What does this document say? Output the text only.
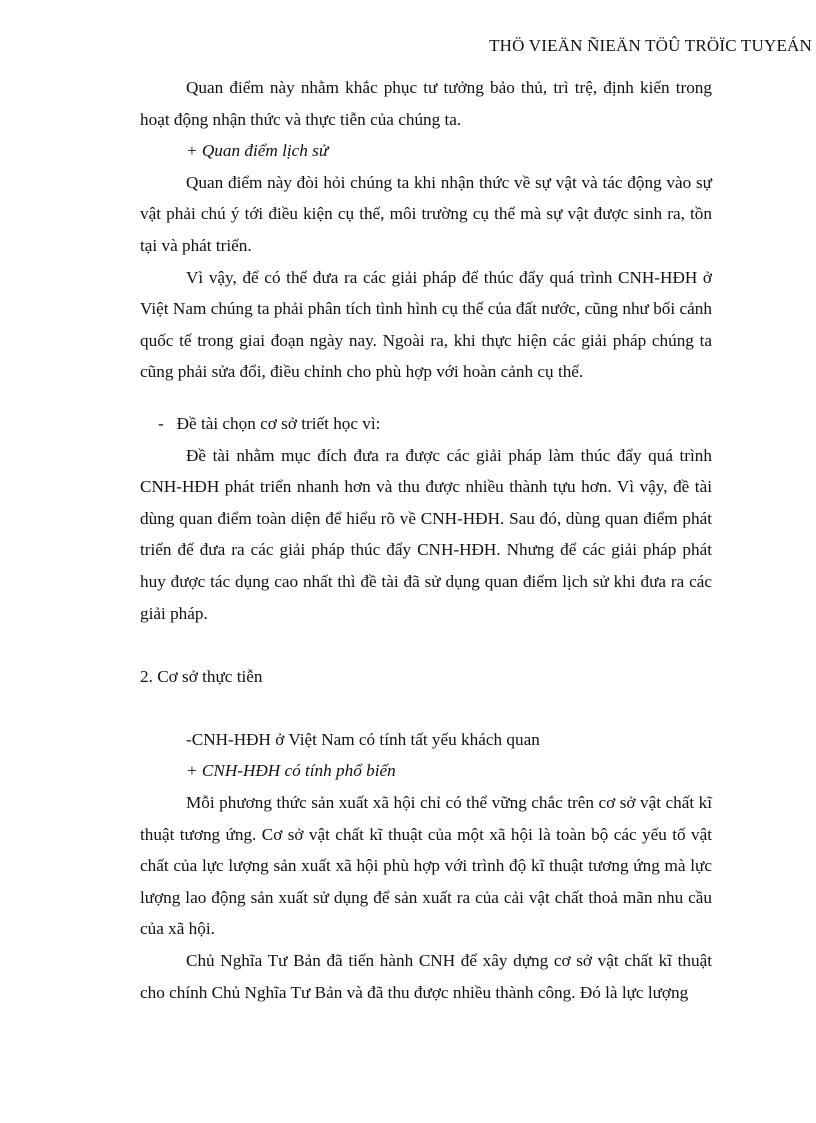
THÖ VIEÄN ÑIEÄN TÖÛ TRÖÏC TUYEÁN

Quan điểm này nhằm khắc phục tư tưởng bảo thủ, trì trệ, định kiến trong hoạt động nhận thức và thực tiễn của chúng ta.

+ Quan điểm lịch sử

Quan điểm này đòi hỏi chúng ta khi nhận thức về sự vật và tác động vào sự vật phải chú ý tới điều kiện cụ thể, môi trường cụ thể mà sự vật được sinh ra, tồn tại và phát triển.

Vì vậy, để có thể đưa ra các giải pháp để thúc đẩy quá trình CNH-HĐH ở Việt Nam chúng ta phải phân tích tình hình cụ thể của đất nước, cũng như bối cảnh quốc tế trong giai đoạn ngày nay. Ngoài ra, khi thực hiện các giải pháp chúng ta cũng phải sửa đổi, điều chỉnh cho phù hợp với hoàn cảnh cụ thể.

-   Đề tài chọn cơ sở triết học vì:

Đề tài nhằm mục đích đưa ra được các giải pháp làm thúc đẩy quá trình CNH-HĐH phát triển nhanh hơn và thu được nhiều thành tựu hơn. Vì vậy, đề tài dùng quan điểm toàn diện để hiểu rõ về CNH-HĐH. Sau đó, dùng quan điểm phát triển để đưa ra các giải pháp thúc đẩy CNH-HĐH. Nhưng để các giải pháp phát huy được tác dụng cao nhất thì đề tài đã sử dụng quan điểm lịch sử khi đưa ra các giải pháp.

2. Cơ sở thực tiễn

-CNH-HĐH ở Việt Nam có tính tất yếu khách quan

+ CNH-HĐH có tính phổ biến

Mỗi phương thức sản xuất xã hội chỉ có thể vững chắc trên cơ sở vật chất kĩ thuật tương ứng. Cơ sở vật chất kĩ thuật của một xã hội là toàn bộ các yếu tố vật chất của lực lượng sản xuất xã hội phù hợp với trình độ kĩ thuật tương ứng mà lực lượng lao động sản xuất sử dụng để sản xuất ra của cải vật chất thoả mãn nhu cầu của xã hội.

Chủ Nghĩa Tư Bản đã tiến hành CNH để xây dựng cơ sở vật chất kĩ thuật cho chính Chủ Nghĩa Tư Bản và đã thu được nhiều thành công. Đó là lực lượng
